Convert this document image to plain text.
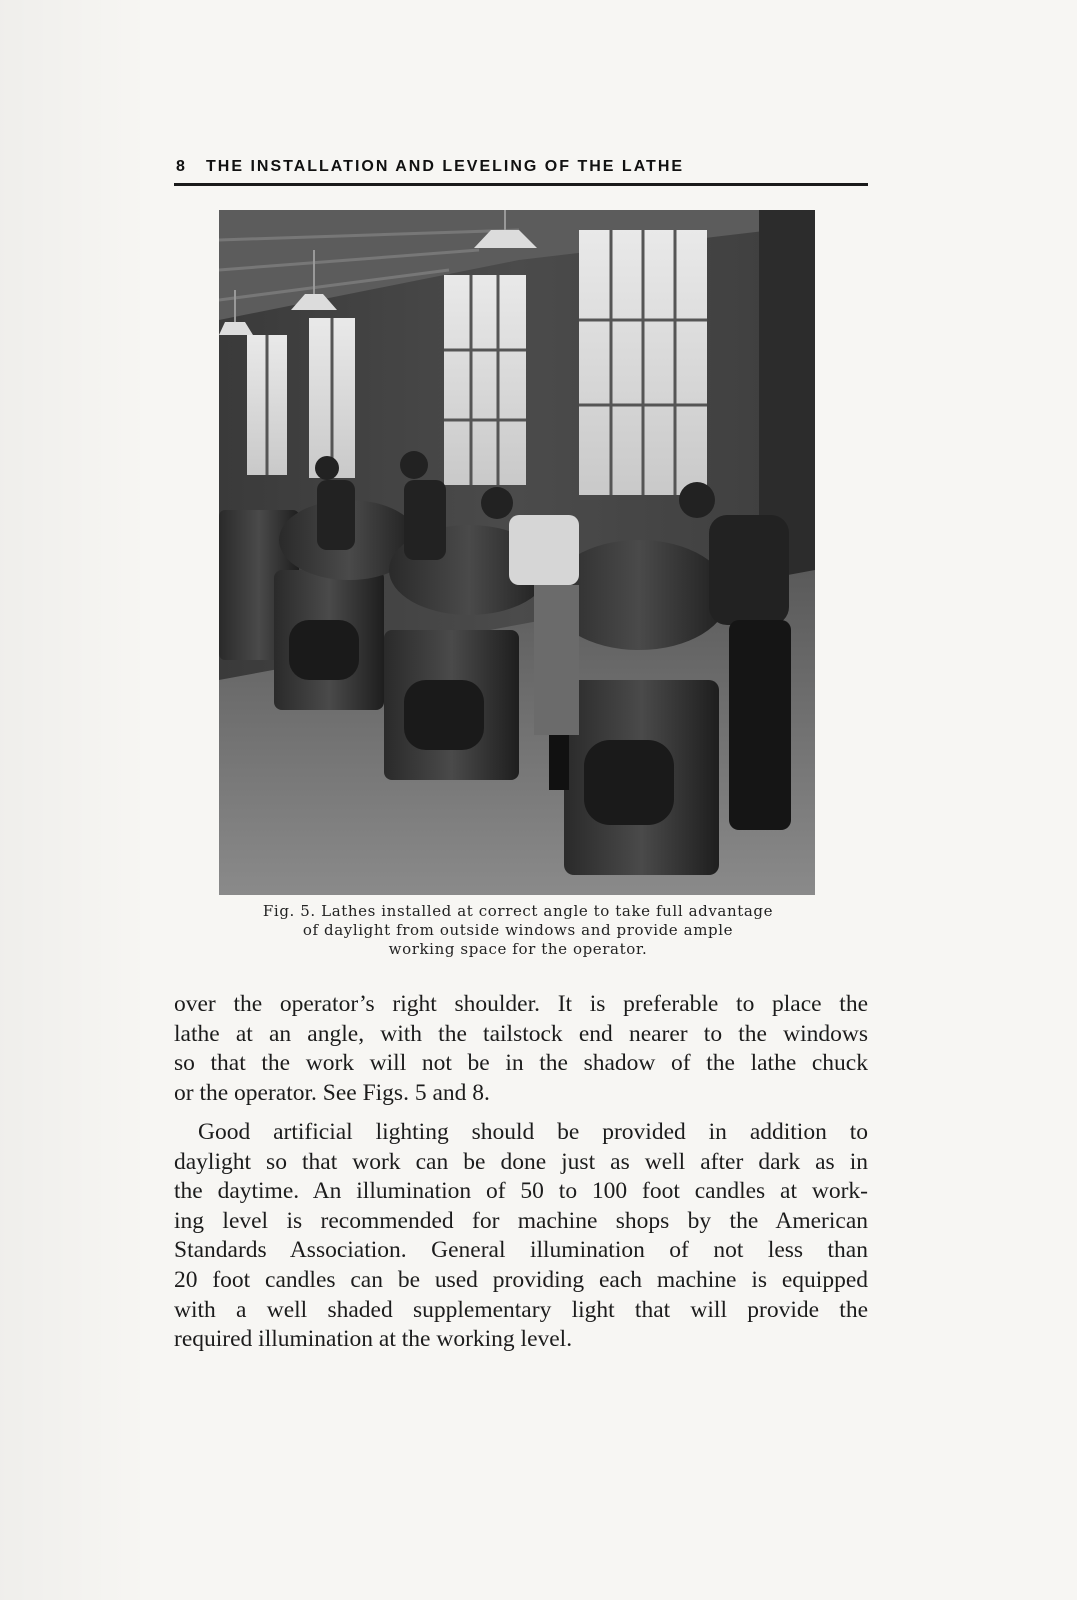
8	THE INSTALLATION AND LEVELING OF THE LATHE
Fig. 5. Lathes installed at correct angle to take full advantage
of daylight from outside windows and provide ample
working space for the operator.
over the operator’s right shoulder. It is preferable to place the
lathe at an angle, with the tailstock end nearer to the windows
so that the work will not be in the shadow of the lathe chuck
or the operator. See Figs. 5 and 8.
Good artificial lighting should be provided in addition to
daylight so that work can be done just as well after dark as in
the daytime. An illumination of 50 to 100 foot candles at work-
ing level is recommended for machine shops by the American
Standards Association. General illumination of not less than
20 foot candles can be used providing each machine is equipped
with a well shaded supplementary light that will provide the
required illumination at the working level.
